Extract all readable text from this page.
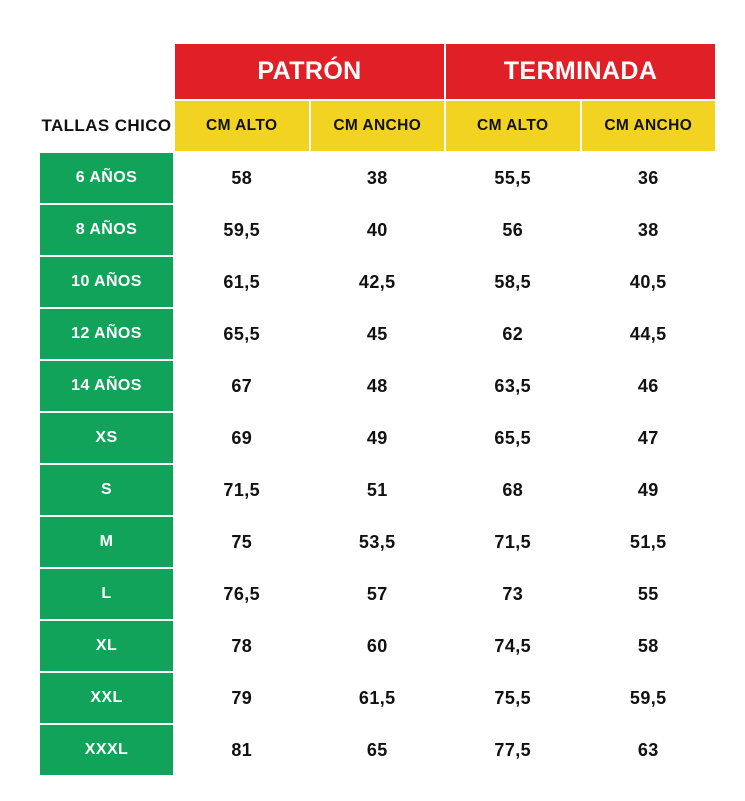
	PATRÓN		TERMINADA	
TALLAS CHICO	CM ALTO	CM ANCHO	CM ALTO	CM ANCHO
6 AÑOS	58	38	55,5	36
8 AÑOS	59,5	40	56	38
10 AÑOS	61,5	42,5	58,5	40,5
12 AÑOS	65,5	45	62	44,5
14 AÑOS	67	48	63,5	46
XS	69	49	65,5	47
S	71,5	51	68	49
M	75	53,5	71,5	51,5
L	76,5	57	73	55
XL	78	60	74,5	58
XXL	79	61,5	75,5	59,5
XXXL	81	65	77,5	63
